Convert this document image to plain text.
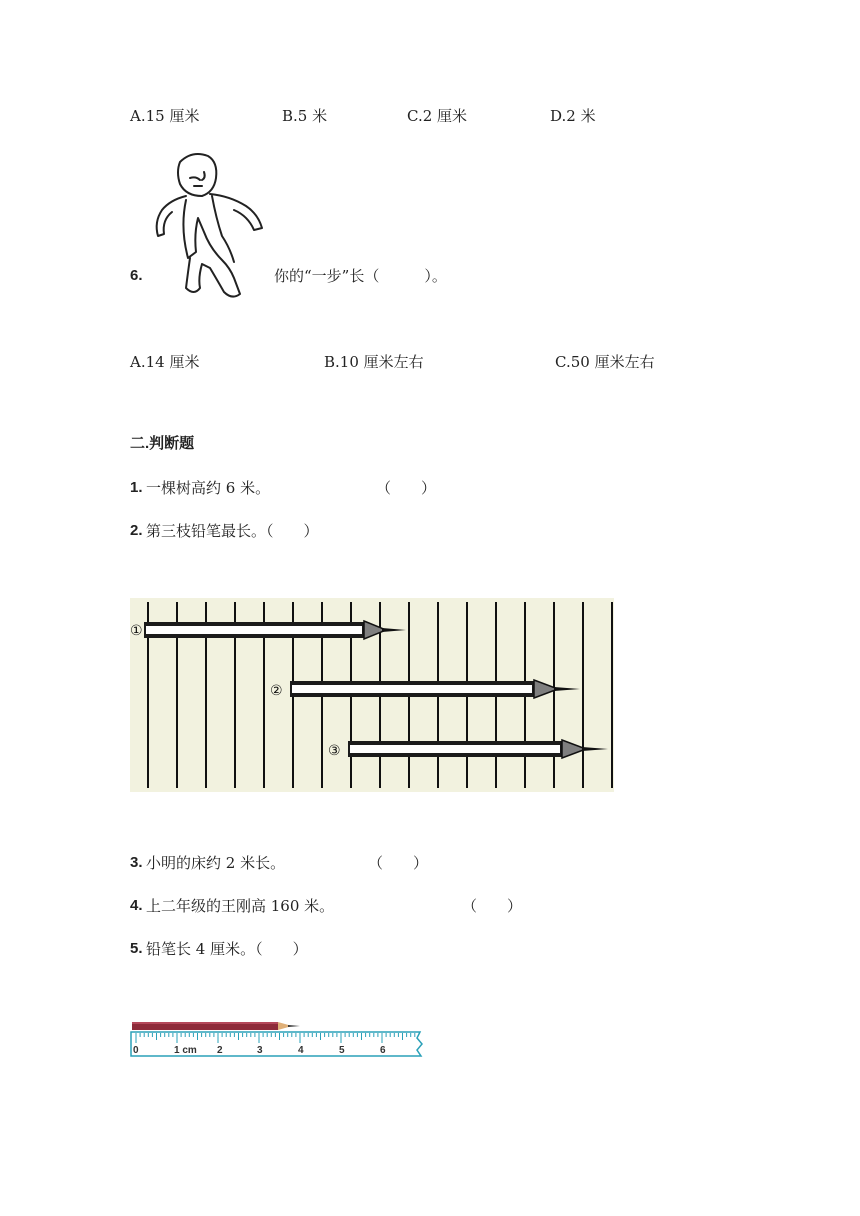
A.15 厘米	B.5 米	C.2 厘米	D.2 米
6.	你的“一步”长（　　　）。
A.14 厘米	B.10 厘米左右	C.50 厘米左右
二.判断题
1. 一棵树高约 6 米。	（　　）
2. 第三枝铅笔最长。（　　）
①
②
③
3. 小明的床约 2 米长。	（　　）
4. 上二年级的王刚高 160 米。	（　　）
5. 铅笔长 4 厘米。（　　）
0	1 cm 2	3	4	5	6
